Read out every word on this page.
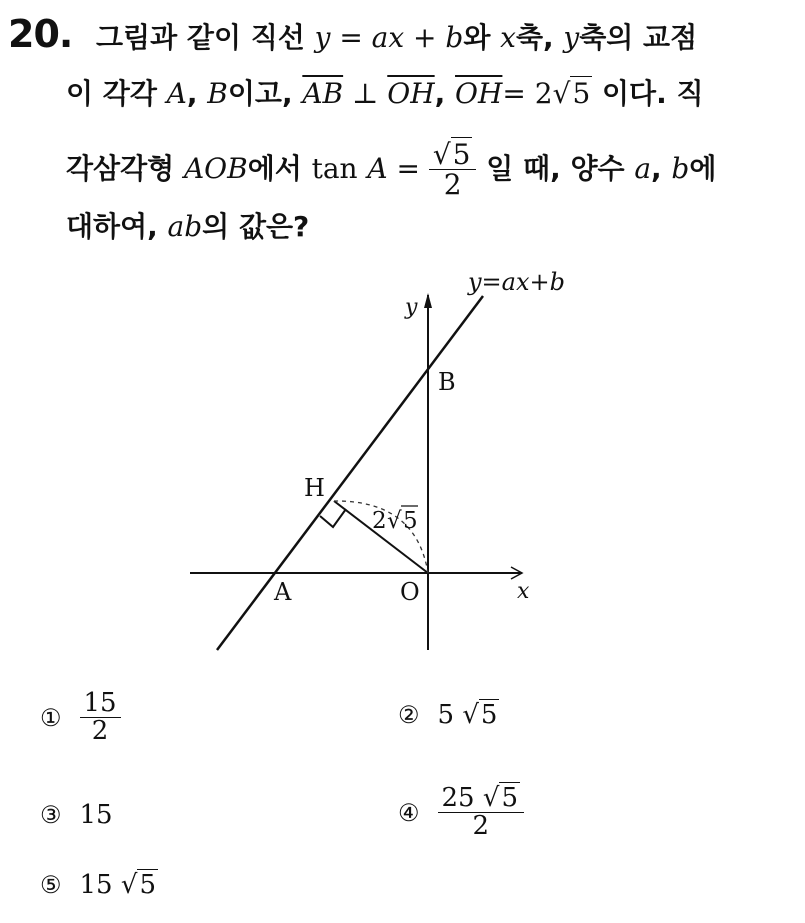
20. 그림과 같이 직선 y = ax + b와 x축, y축의 교점
이 각각 A, B이고, $\overline{AB}$ ⊥ $\overline{OH}$, $\overline{OH}= 2√5$ 이다. 직
각삼각형 AOB에서 $\tan A = \frac{√5}{2}$ 일 때, 양수 a, b에
대하여, ab의 값은?
y=ax+b
y
x
B
H
A	O
2 √ 5
① $\frac{15}{2}$	② 5 √5
③ 15	④ $\frac{25 √5}{2}$
⑤ 15 √5
